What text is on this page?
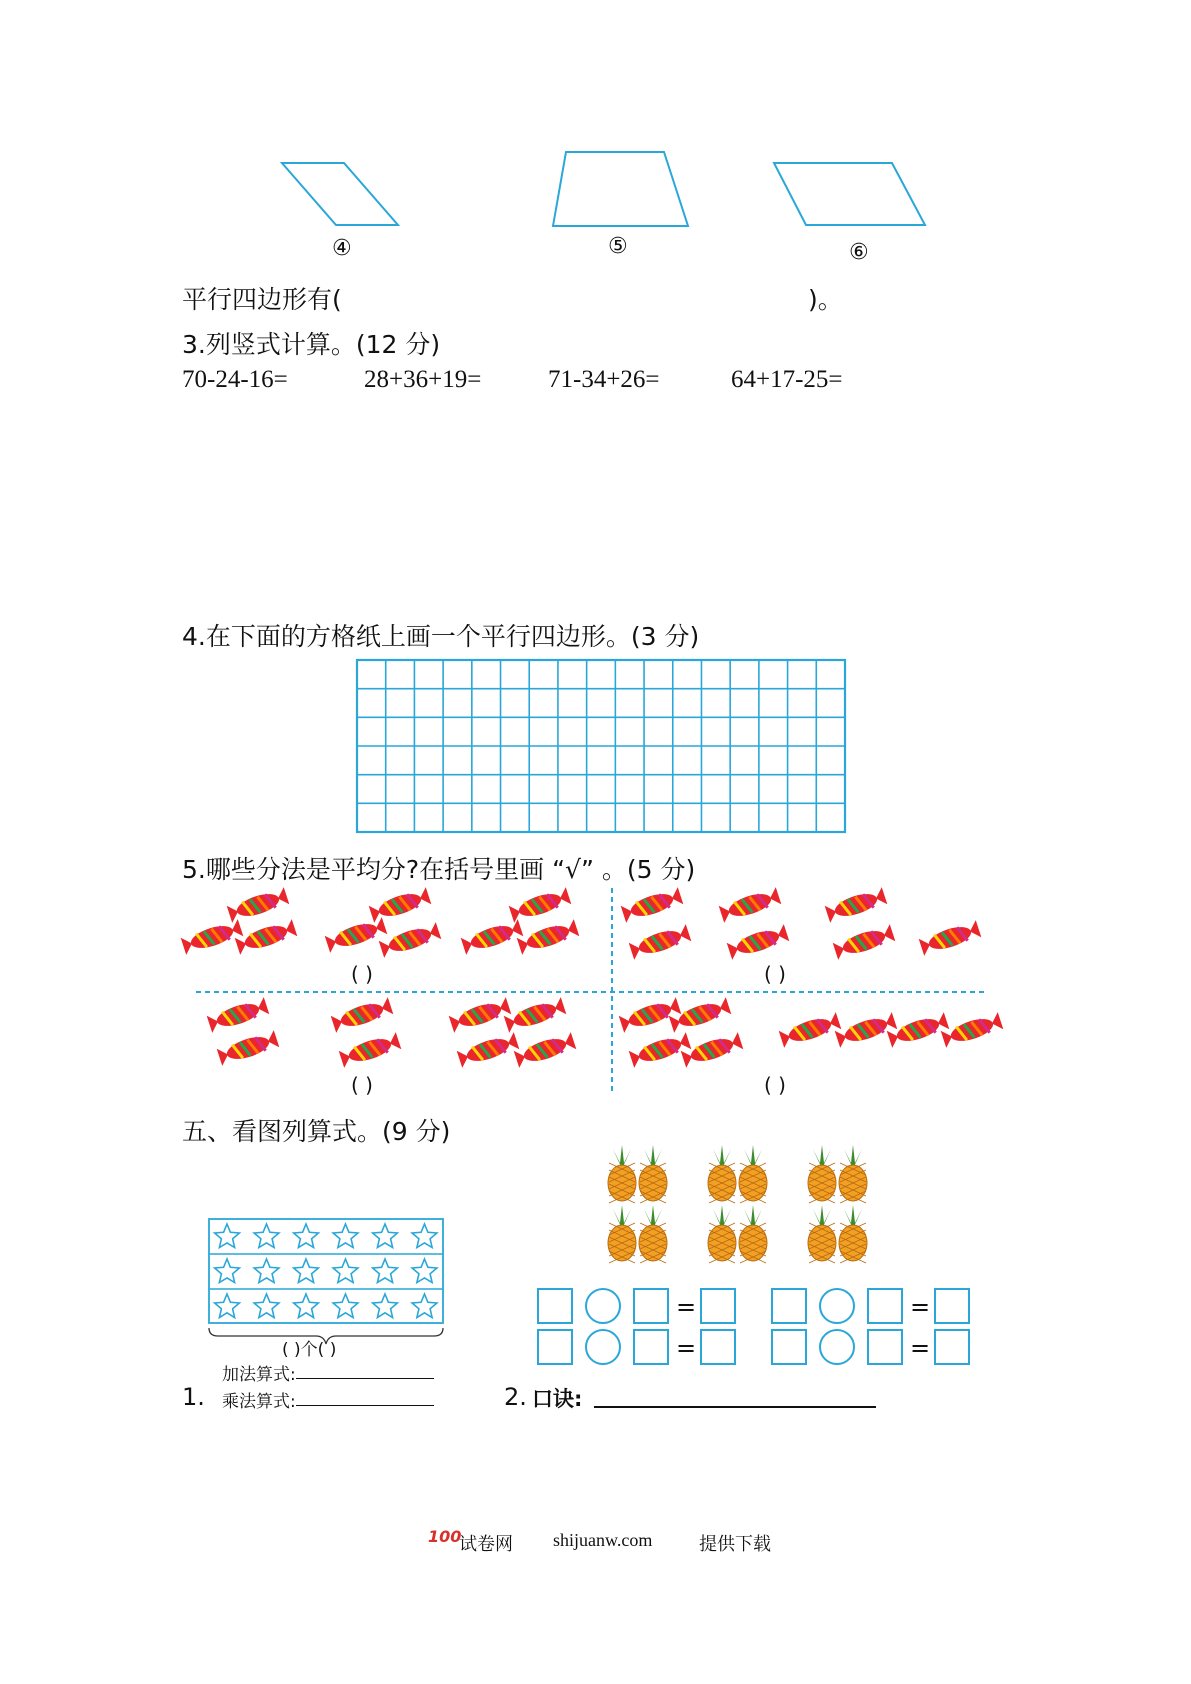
④	⑤	⑥
平行四边形有(	)。
3.列竖式计算。(12 分)
70-24-16=	28+36+19=	71-34+26=	64+17-25=
4.在下面的方格纸上画一个平行四边形。(3 分)
5.哪些分法是平均分?在括号里画 “√” 。(5 分)
( )	( )
( )	( )
五、看图列算式。(9 分)
( )个( )
加法算式:
1. 乘法算式:
=	=
=	=
2. 口诀:
100
试卷网 shijuanw.com	提供下载
